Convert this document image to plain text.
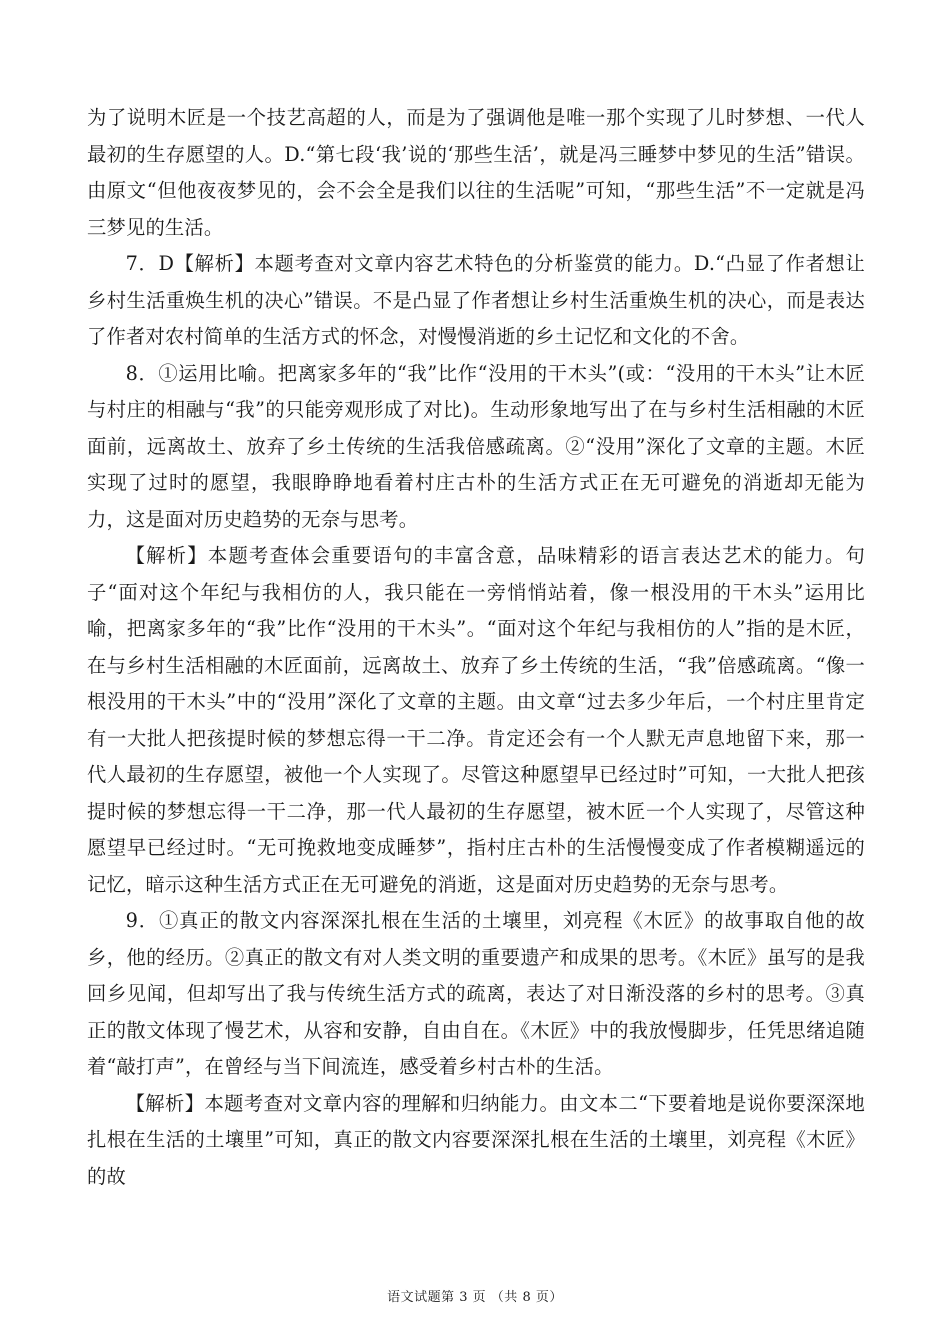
为了说明木匠是一个技艺高超的人，而是为了强调他是唯一那个实现了儿时梦想、一代人最初的生存愿望的人。D.“第七段‘我’说的‘那些生活’，就是冯三睡梦中梦见的生活”错误。由原文“但他夜夜梦见的，会不会全是我们以往的生活呢”可知，“那些生活”不一定就是冯三梦见的生活。

7．D【解析】本题考查对文章内容艺术特色的分析鉴赏的能力。D.“凸显了作者想让乡村生活重焕生机的决心”错误。不是凸显了作者想让乡村生活重焕生机的决心，而是表达了作者对农村简单的生活方式的怀念，对慢慢消逝的乡土记忆和文化的不舍。

8．①运用比喻。把离家多年的“我”比作“没用的干木头”(或：“没用的干木头”让木匠与村庄的相融与“我”的只能旁观形成了对比)。生动形象地写出了在与乡村生活相融的木匠面前，远离故土、放弃了乡土传统的生活我倍感疏离。②“没用”深化了文章的主题。木匠实现了过时的愿望，我眼睁睁地看着村庄古朴的生活方式正在无可避免的消逝却无能为力，这是面对历史趋势的无奈与思考。

【解析】本题考查体会重要语句的丰富含意，品味精彩的语言表达艺术的能力。句子“面对这个年纪与我相仿的人，我只能在一旁悄悄站着，像一根没用的干木头”运用比喻，把离家多年的“我”比作“没用的干木头”。“面对这个年纪与我相仿的人”指的是木匠，在与乡村生活相融的木匠面前，远离故土、放弃了乡土传统的生活，“我”倍感疏离。“像一根没用的干木头”中的“没用”深化了文章的主题。由文章“过去多少年后，一个村庄里肯定有一大批人把孩提时候的梦想忘得一干二净。肯定还会有一个人默无声息地留下来，那一代人最初的生存愿望，被他一个人实现了。尽管这种愿望早已经过时”可知，一大批人把孩提时候的梦想忘得一干二净，那一代人最初的生存愿望，被木匠一个人实现了，尽管这种愿望早已经过时。“无可挽救地变成睡梦”，指村庄古朴的生活慢慢变成了作者模糊遥远的记忆，暗示这种生活方式正在无可避免的消逝，这是面对历史趋势的无奈与思考。

9．①真正的散文内容深深扎根在生活的土壤里，刘亮程《木匠》的故事取自他的故乡，他的经历。②真正的散文有对人类文明的重要遗产和成果的思考。《木匠》虽写的是我回乡见闻，但却写出了我与传统生活方式的疏离，表达了对日渐没落的乡村的思考。③真正的散文体现了慢艺术，从容和安静，自由自在。《木匠》中的我放慢脚步，任凭思绪追随着“敲打声”，在曾经与当下间流连，感受着乡村古朴的生活。

【解析】本题考查对文章内容的理解和归纳能力。由文本二“下要着地是说你要深深地扎根在生活的土壤里”可知，真正的散文内容要深深扎根在生活的土壤里，刘亮程《木匠》的故

语文试题第 3 页 （共 8 页）
